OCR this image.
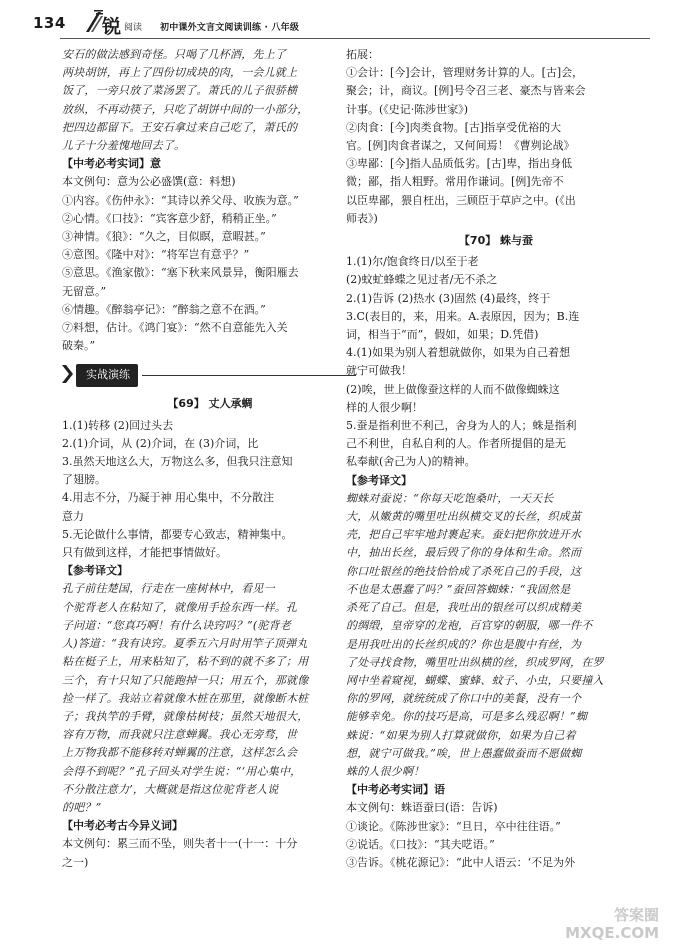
134 锐 阅读 初中课外文言文阅读训练 · 八年级

安石的做法感到奇怪。只喝了几杯酒，先上了

两块胡饼，再上了四份切成块的肉，一会儿就上

饭了，一旁只放了菜汤罢了。萧氏的儿子很骄横

放纵，不再动筷子，只吃了胡饼中间的一小部分，

把四边都留下。王安石拿过来自己吃了，萧氏的

儿子十分羞愧地回去了。

【中考必考实词】意

本文例句：意为公必盛馔(意：料想)

①内容。《伤仲永》：“其诗以养父母、收族为意。”

②心情。《口技》：“宾客意少舒，稍稍正坐。”

③神情。《狼》：“久之，目似瞑，意暇甚。”

④意图。《隆中对》：“将军岂有意乎？”

⑤意思。《渔家傲》：“塞下秋来风景异，衡阳雁去

无留意。”

⑥情趣。《醉翁亭记》：“醉翁之意不在酒。”

⑦料想，估计。《鸿门宴》：“然不自意能先入关

破秦。”

实战演练

【69】 丈人承蜩

1.(1)转移 (2)回过头去

2.(1)介词，从 (2)介词，在 (3)介词，比

3.虽然天地这么大，万物这么多，但我只注意知

了翅膀。

4.用志不分，乃凝于神 用心集中，不分散注

意力

5.无论做什么事情，都要专心致志，精神集中。

只有做到这样，才能把事情做好。

【参考译文】

孔子前往楚国，行走在一座树林中，看见一

个驼背老人在粘知了，就像用手捡东西一样。孔

子问道：“您真巧啊！有什么诀窍吗？”(驼背老

人)答道：“我有诀窍。夏季五六月时用竿子顶弹丸

粘在梃子上，用来粘知了，粘不到的就不多了；用

三个，有十只知了只能跑掉一只；用五个，那就像

捡一样了。我站立着就像木桩在那里，就像断木桩

子；我执竿的手臂，就像枯树枝；虽然天地很大，

容有万物，而我就只注意蝉翼。我心无旁骛，世

上万物我都不能移转对蝉翼的注意，这样怎么会

会得不到呢？”孔子回头对学生说：“‘用心集中，

不分散注意力’，大概就是指这位驼背老人说

的吧？”

【中考必考古今异义词】

本文例句：累三而不坠，则失者十一(十一：十分

之一)

拓展：

①会计：[今]会计，管理财务计算的人。[古]会，

聚会；计，商议。[例]号令召三老、豪杰与皆来会

计事。(《史记·陈涉世家》)

②肉食：[今]肉类食物。[古]指享受优裕的大

官。[例]肉食者谋之，又何间焉！《曹刿论战》

③卑鄙：[今]指人品质低劣。[古]卑，指出身低

微；鄙，指人粗野。常用作谦词。[例]先帝不

以臣卑鄙，猥自枉出，三顾臣于草庐之中。(《出

师表》)

【70】 蛛与蚕

1.(1)尔/饱食终日/以至于老

(2)蚊虻蜂蝶之见过者/无不杀之

2.(1)告诉 (2)热水 (3)固然 (4)最终，终于

3.C(表目的，来，用来。A.表原因，因为；B.连

词，相当于“而”，假如，如果；D.凭借)

4.(1)如果为别人着想就做你，如果为自己着想

就宁可做我！

(2)唉，世上做像蚕这样的人而不做像蜘蛛这

样的人很少啊！

5.蚕是指利世不利己，舍身为人的人；蛛是指利

己不利世，自私自利的人。作者所提倡的是无

私奉献(舍己为人)的精神。

【参考译文】

蜘蛛对蚕说：“你每天吃饱桑叶，一天天长

大，从嫩黄的嘴里吐出纵横交叉的长丝，织成茧

壳，把自己牢牢地封裹起来。蚕妇把你放进开水

中，抽出长丝，最后毁了你的身体和生命。然而

你口吐银丝的绝技恰恰成了杀死自己的手段，这

不也是太愚蠢了吗？”蚕回答蜘蛛：“我固然是

杀死了自己。但是，我吐出的银丝可以织成精美

的绸缎，皇帝穿的龙袍，百官穿的朝服，哪一件不

是用我吐出的长丝织成的？你也是腹中有丝，为

了处寻找食物，嘴里吐出纵横的丝，织成罗网，在罗

网中坐着窥视，蝴蝶、蜜蜂、蚊子、小虫，只要撞入

你的罗网，就统统成了你口中的美餐，没有一个

能够幸免。你的技巧是高，可是多么残忍啊！”蜘

蛛说：“如果为别人打算就做你，如果为自己着

想，就宁可做我。”唉，世上愚蠢做蚕而不愿做蜘

蛛的人很少啊！

【中考必考实词】语

本文例句：蛛语蚕曰(语：告诉)

①谈论。《陈涉世家》：“旦日，卒中往往语。”

②说话。《口技》：“其夫呓语。”

③告诉。《桃花源记》：“此中人语云：‘不足为外

答案圈
MXQE.COM
